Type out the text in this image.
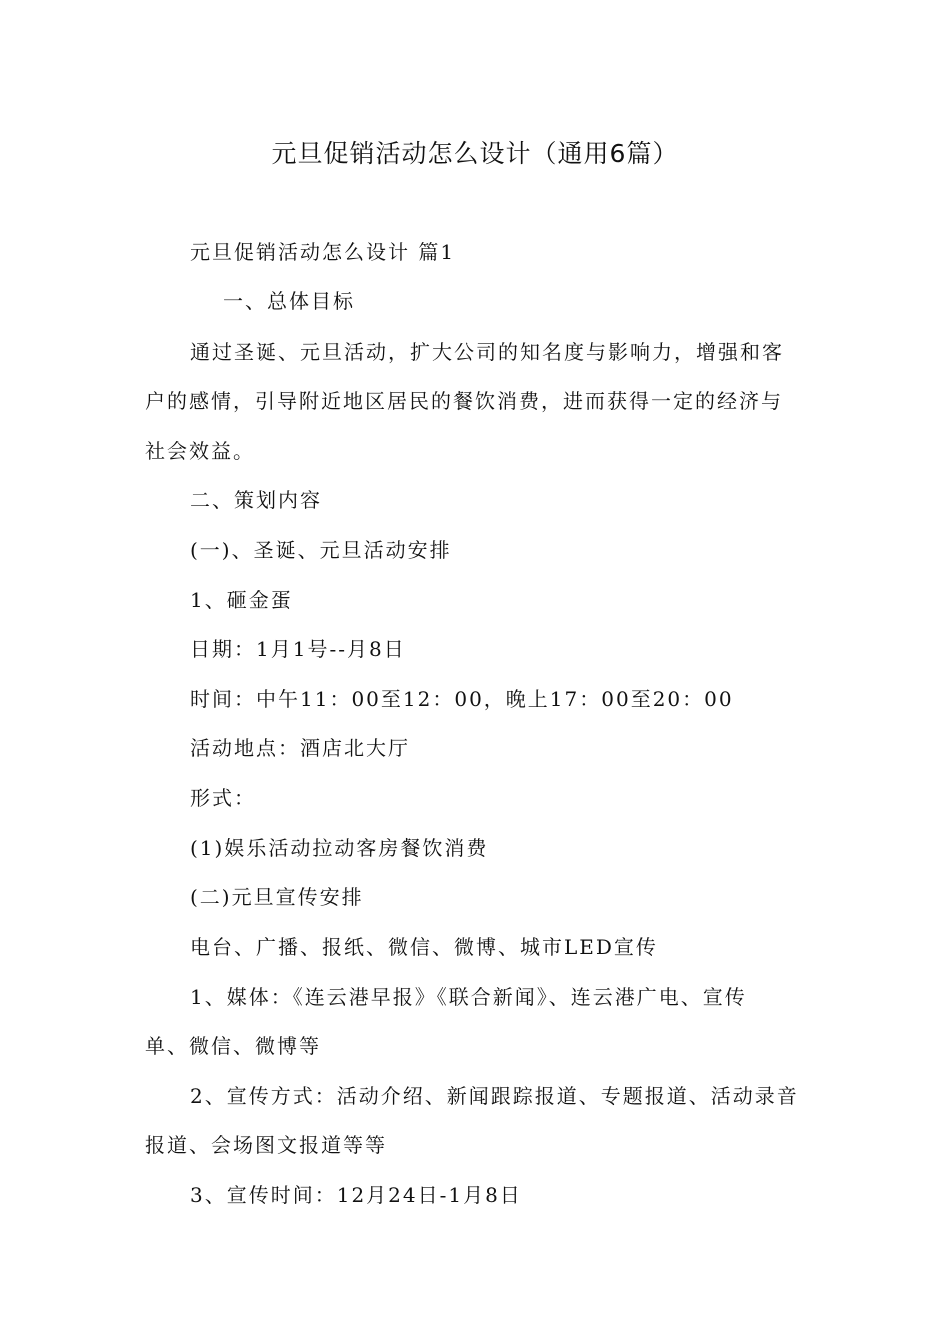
元旦促销活动怎么设计（通用6篇）

元旦促销活动怎么设计 篇1

一、总体目标

通过圣诞、元旦活动，扩大公司的知名度与影响力，增强和客

户的感情，引导附近地区居民的餐饮消费，进而获得一定的经济与

社会效益。

二、策划内容

(一)、圣诞、元旦活动安排

1、砸金蛋

日期：1月1号--月8日

时间：中午11：00至12：00，晚上17：00至20：00

活动地点：酒店北大厅

形式：

(1)娱乐活动拉动客房餐饮消费

(二)元旦宣传安排

电台、广播、报纸、微信、微博、城市LED宣传

1、媒体：《连云港早报》《联合新闻》、连云港广电、宣传

单、微信、微博等

2、宣传方式：活动介绍、新闻跟踪报道、专题报道、活动录音

报道、会场图文报道等等

3、宣传时间：12月24日-1月8日
